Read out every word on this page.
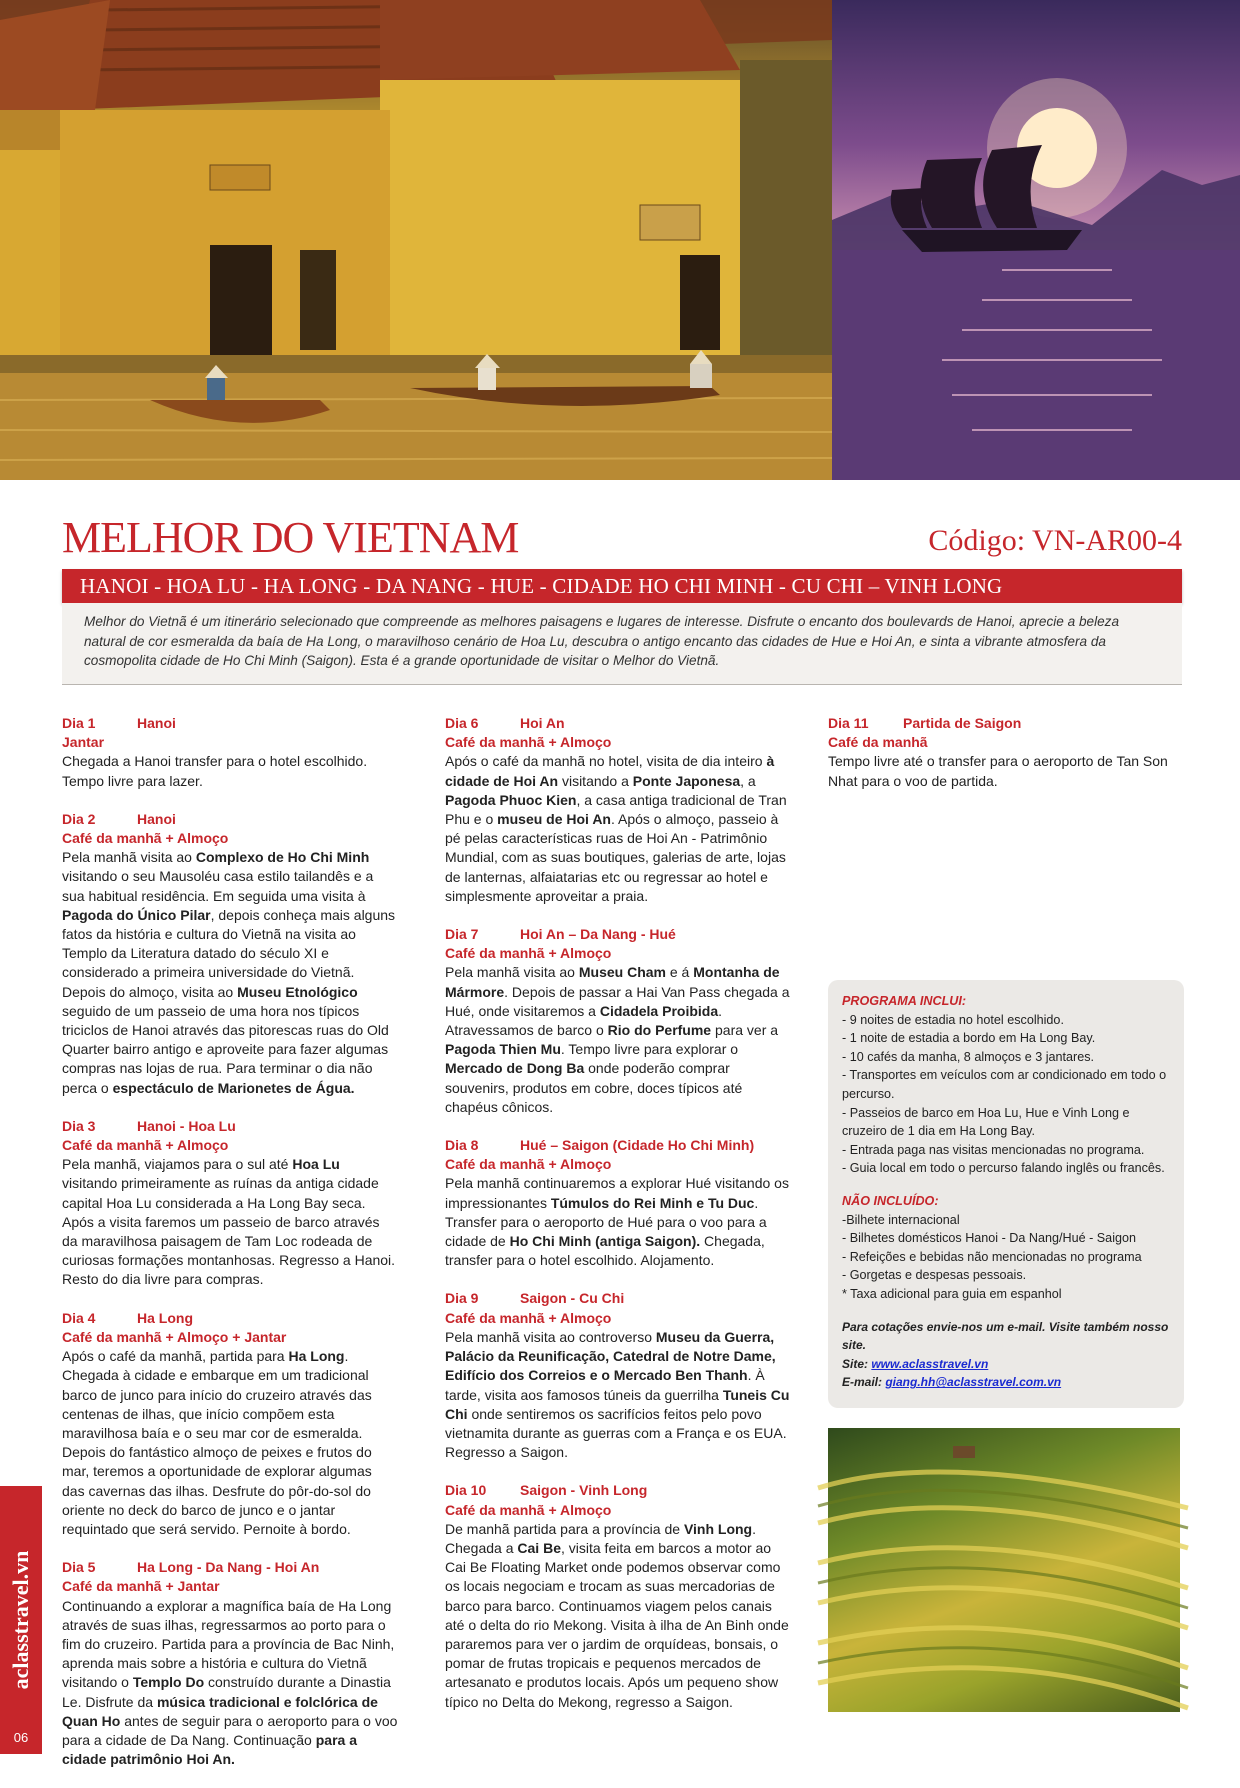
MELHOR DO VIETNAM	Código: VN-AR00-4
HANOI - HOA LU - HA LONG - DA NANG - HUE - CIDADE HO CHI MINH - CU CHI – VINH LONG
Melhor do Vietnã é um itinerário selecionado que compreende as melhores paisagens e lugares de interesse. Disfrute o encanto dos boulevards de Hanoi, aprecie a beleza natural de cor esmeralda da baía de Ha Long, o maravilhoso cenário de Hoa Lu, descubra o antigo encanto das cidades de Hue e Hoi An, e sinta a vibrante atmosfera da cosmopolita cidade de Ho Chi Minh (Saigon). Esta é a grande oportunidade de visitar o Melhor do Vietnã.
Dia 1	Hanoi
Jantar

Chegada a Hanoi transfer para o hotel escolhido. Tempo livre para lazer.

Dia 2	Hanoi
Café da manhã + Almoço

Pela manhã visita ao Complexo de Ho Chi Minh visitando o seu Mausoléu casa estilo tailandês e a sua habitual residência. Em seguida uma visita à Pagoda do Único Pilar, depois conheça mais alguns fatos da história e cultura do Vietnã na visita ao Templo da Literatura datado do século XI e considerado a primeira universidade do Vietnã. Depois do almoço, visita ao Museu Etnológico seguido de um passeio de uma hora nos típicos triciclos de Hanoi através das pitorescas ruas do Old Quarter bairro antigo e aproveite para fazer algumas compras nas lojas de rua. Para terminar o dia não perca o espectáculo de Marionetes de Água.

Dia 3	Hanoi - Hoa Lu
Café da manhã + Almoço

Pela manhã, viajamos para o sul até Hoa Lu visitando primeiramente as ruínas da antiga cidade capital Hoa Lu considerada a Ha Long Bay seca. Após a visita faremos um passeio de barco através da maravilhosa paisagem de Tam Loc rodeada de curiosas formações montanhosas. Regresso a Hanoi. Resto do dia livre para compras.

Dia 4	Ha Long
Café da manhã + Almoço + Jantar

Após o café da manhã, partida para Ha Long. Chegada à cidade e embarque em um tradicional barco de junco para início do cruzeiro através das centenas de ilhas, que início compõem esta maravilhosa baía e o seu mar cor de esmeralda. Depois do fantástico almoço de peixes e frutos do mar, teremos a oportunidade de explorar algumas das cavernas das ilhas. Desfrute do pôr-do-sol do oriente no deck do barco de junco e o jantar requintado que será servido. Pernoite à bordo.

Dia 5	Ha Long - Da Nang - Hoi An
Café da manhã + Jantar

Continuando a explorar a magnífica baía de Ha Long através de suas ilhas, regressarmos ao porto para o fim do cruzeiro. Partida para a província de Bac Ninh, aprenda mais sobre a história e cultura do Vietnã visitando o Templo Do construído durante a Dinastia Le. Disfrute da música tradicional e folclórica de Quan Ho antes de seguir para o aeroporto para o voo para a cidade de Da Nang. Continuação para a cidade patrimônio Hoi An.

Dia 6	Hoi An
Café da manhã + Almoço

Após o café da manhã no hotel, visita de dia inteiro à cidade de Hoi An visitando a Ponte Japonesa, a Pagoda Phuoc Kien, a casa antiga tradicional de Tran Phu e o museu de Hoi An. Após o almoço, passeio à pé pelas características ruas de Hoi An - Patrimônio Mundial, com as suas boutiques, galerias de arte, lojas de lanternas, alfaiatarias etc ou regressar ao hotel e simplesmente aproveitar a praia.

Dia 7	Hoi An – Da Nang - Hué
Café da manhã + Almoço

Pela manhã visita ao Museu Cham e á Montanha de Mármore. Depois de passar a Hai Van Pass chegada a Hué, onde visitaremos a Cidadela Proibida. Atravessamos de barco o Rio do Perfume para ver a Pagoda Thien Mu. Tempo livre para explorar o Mercado de Dong Ba onde poderão comprar souvenirs, produtos em cobre, doces típicos até chapéus cônicos.

Dia 8	Hué – Saigon (Cidade Ho Chi Minh)
Café da manhã + Almoço

Pela manhã continuaremos a explorar Hué visitando os impressionantes Túmulos do Rei Minh e Tu Duc. Transfer para o aeroporto de Hué para o voo para a cidade de Ho Chi Minh (antiga Saigon). Chegada, transfer para o hotel escolhido. Alojamento.

Dia 9	Saigon - Cu Chi
Café da manhã + Almoço

Pela manhã visita ao controverso Museu da Guerra, Palácio da Reunificação, Catedral de Notre Dame, Edifício dos Correios e o Mercado Ben Thanh. À tarde, visita aos famosos túneis da guerrilha Tuneis Cu Chi onde sentiremos os sacrifícios feitos pelo povo vietnamita durante as guerras com a França e os EUA. Regresso a Saigon.

Dia 10	Saigon - Vinh Long
Café da manhã + Almoço

De manhã partida para a província de Vinh Long. Chegada a Cai Be, visita feita em barcos a motor ao Cai Be Floating Market onde podemos observar como os locais negociam e trocam as suas mercadorias de barco para barco. Continuamos viagem pelos canais até o delta do rio Mekong. Visita à ilha de An Binh onde pararemos para ver o jardim de orquídeas, bonsais, o pomar de frutas tropicais e pequenos mercados de artesanato e produtos locais. Após um pequeno show típico no Delta do Mekong, regresso a Saigon.

Dia 11	Partida de Saigon
Café da manhã

Tempo livre até o transfer para o aeroporto de Tan Son Nhat para o voo de partida.

PROGRAMA INCLUI:
- 9 noites de estadia no hotel escolhido.
- 1 noite de estadia a bordo em Ha Long Bay.
- 10 cafés da manha, 8 almoços e 3 jantares.
- Transportes em veículos com ar condicionado em todo o percurso.
- Passeios de barco em Hoa Lu, Hue e Vinh Long e cruzeiro de 1 dia em Ha Long Bay.
- Entrada paga nas visitas mencionadas no programa.
- Guia local em todo o percurso falando inglês ou francês.
NÃO INCLUÍDO:
-Bilhete internacional
- Bilhetes domésticos Hanoi - Da Nang/Hué - Saigon
- Refeições e bebidas não mencionadas no programa
- Gorgetas e despesas pessoais.
* Taxa adicional para guia em espanhol
Para cotações envie-nos um e-mail. Visite também nosso site.
Site: www.aclasstravel.vn
E-mail: giang.hh@aclasstravel.com.vn
aclasstravel.vn
06
